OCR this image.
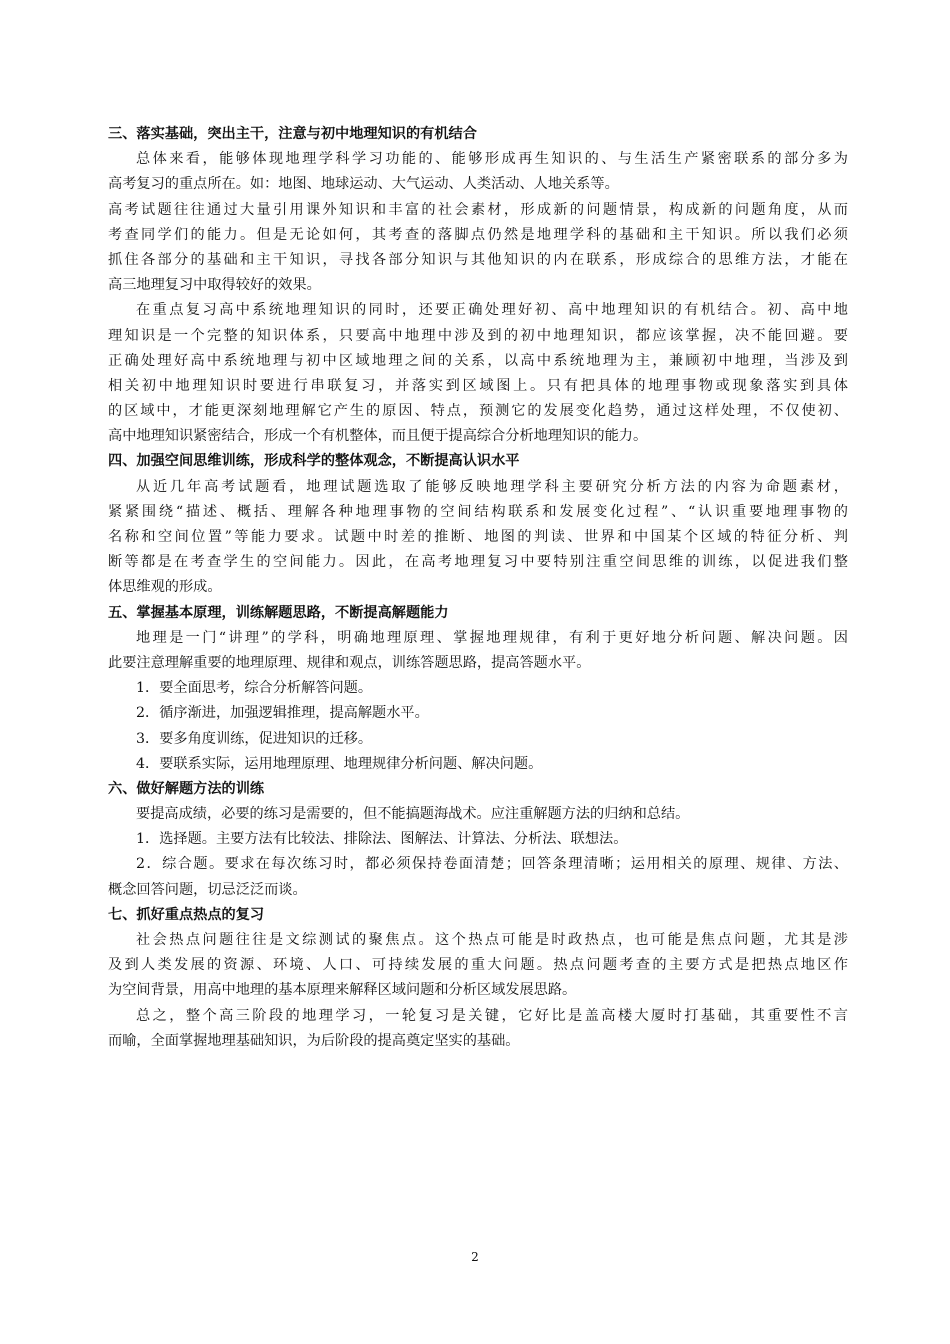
三、落实基础，突出主干，注意与初中地理知识的有机结合
总体来看，能够体现地理学科学习功能的、能够形成再生知识的、与生活生产紧密联系的部分多为
高考复习的重点所在。如：地图、地球运动、大气运动、人类活动、人地关系等。
高考试题往往通过大量引用课外知识和丰富的社会素材，形成新的问题情景，构成新的问题角度，从而
考查同学们的能力。但是无论如何，其考查的落脚点仍然是地理学科的基础和主干知识。所以我们必须
抓住各部分的基础和主干知识，寻找各部分知识与其他知识的内在联系，形成综合的思维方法，才能在
高三地理复习中取得较好的效果。
在重点复习高中系统地理知识的同时，还要正确处理好初、高中地理知识的有机结合。初、高中地
理知识是一个完整的知识体系，只要高中地理中涉及到的初中地理知识，都应该掌握，决不能回避。要
正确处理好高中系统地理与初中区域地理之间的关系，以高中系统地理为主，兼顾初中地理，当涉及到
相关初中地理知识时要进行串联复习，并落实到区域图上。只有把具体的地理事物或现象落实到具体
的区域中，才能更深刻地理解它产生的原因、特点，预测它的发展变化趋势，通过这样处理，不仅使初、
高中地理知识紧密结合，形成一个有机整体，而且便于提高综合分析地理知识的能力。
四、加强空间思维训练，形成科学的整体观念，不断提高认识水平
从近几年高考试题看，地理试题选取了能够反映地理学科主要研究分析方法的内容为命题素材，
紧紧围绕“描述、概括、理解各种地理事物的空间结构联系和发展变化过程”、“认识重要地理事物的
名称和空间位置”等能力要求。试题中时差的推断、地图的判读、世界和中国某个区域的特征分析、判
断等都是在考查学生的空间能力。因此，在高考地理复习中要特别注重空间思维的训练，以促进我们整
体思维观的形成。
五、掌握基本原理，训练解题思路，不断提高解题能力
地理是一门“讲理”的学科，明确地理原理、掌握地理规律，有利于更好地分析问题、解决问题。因
此要注意理解重要的地理原理、规律和观点，训练答题思路，提高答题水平。
1．要全面思考，综合分析解答问题。
2．循序渐进，加强逻辑推理，提高解题水平。
3．要多角度训练，促进知识的迁移。
4．要联系实际，运用地理原理、地理规律分析问题、解决问题。
六、做好解题方法的训练
要提高成绩，必要的练习是需要的，但不能搞题海战术。应注重解题方法的归纳和总结。
1．选择题。主要方法有比较法、排除法、图解法、计算法、分析法、联想法。
2．综合题。要求在每次练习时，都必须保持卷面清楚；回答条理清晰；运用相关的原理、规律、方法、
概念回答问题，切忌泛泛而谈。
七、抓好重点热点的复习
社会热点问题往往是文综测试的聚焦点。这个热点可能是时政热点，也可能是焦点问题，尤其是涉
及到人类发展的资源、环境、人口、可持续发展的重大问题。热点问题考查的主要方式是把热点地区作
为空间背景，用高中地理的基本原理来解释区域问题和分析区域发展思路。
总之，整个高三阶段的地理学习，一轮复习是关键，它好比是盖高楼大厦时打基础，其重要性不言
而喻，全面掌握地理基础知识，为后阶段的提高奠定坚实的基础。
2
